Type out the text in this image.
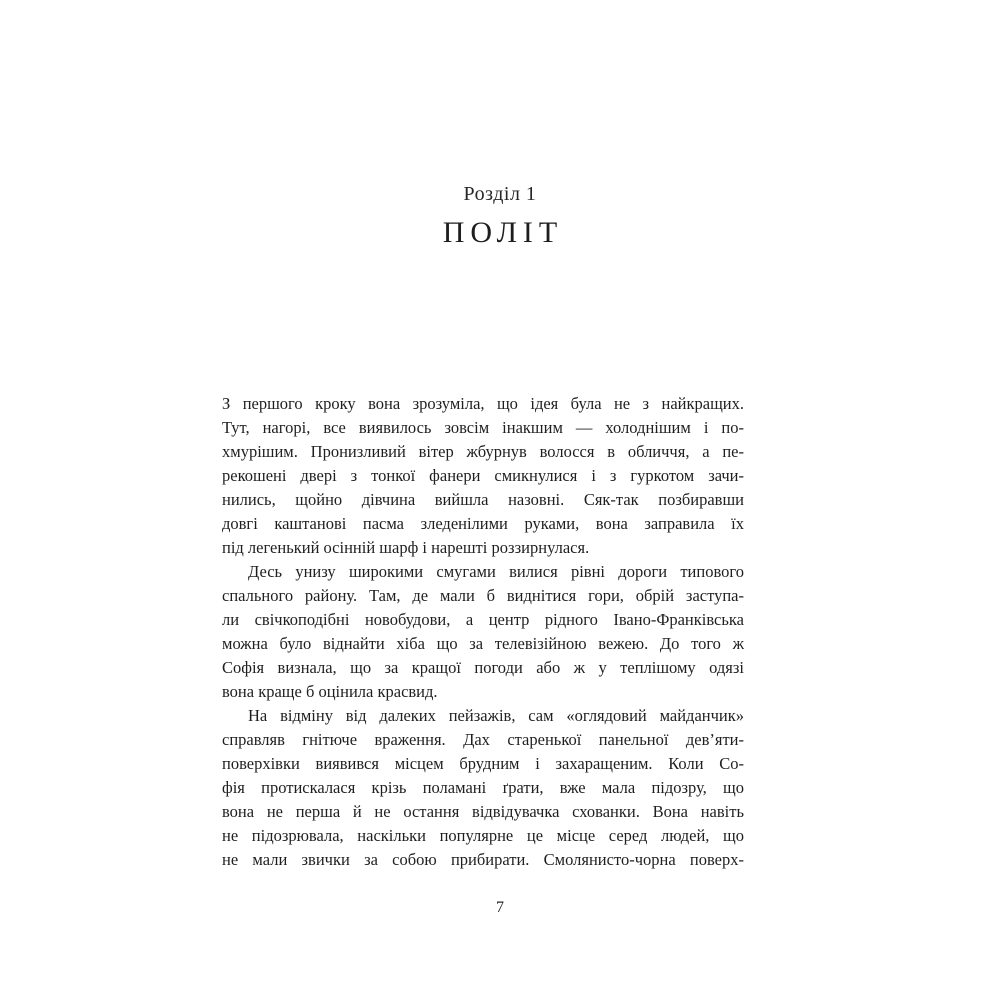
Розділ 1
ПОЛІТ
З першого кроку вона зрозуміла, що ідея була не з найкращих.
Тут, нагорі, все виявилось зовсім інакшим — холоднішим і по-
хмурішим. Пронизливий вітер жбурнув волосся в обличчя, а пе-
рекошені двері з тонкої фанери смикнулися і з гуркотом зачи-
нились, щойно дівчина вийшла назовні. Сяк-так позбиравши
довгі каштанові пасма зледенілими руками, вона заправила їх
під легенький осінній шарф і нарешті роззирнулася.
Десь унизу широкими смугами вилися рівні дороги типового
спального району. Там, де мали б виднітися гори, обрій заступа-
ли свічкоподібні новобудови, а центр рідного Івано-Франківська
можна було віднайти хіба що за телевізійною вежею. До того ж
Софія визнала, що за кращої погоди або ж у теплішому одязі
вона краще б оцінила красвид.
На відміну від далеких пейзажів, сам «оглядовий майданчик»
справляв гнітюче враження. Дах старенької панельної дев’яти-
поверхівки виявився місцем брудним і захаращеним. Коли Со-
фія протискалася крізь поламані ґрати, вже мала підозру, що
вона не перша й не остання відвідувачка схованки. Вона навіть
не підозрювала, наскільки популярне це місце серед людей, що
не мали звички за собою прибирати. Смолянисто-чорна поверх-
7
